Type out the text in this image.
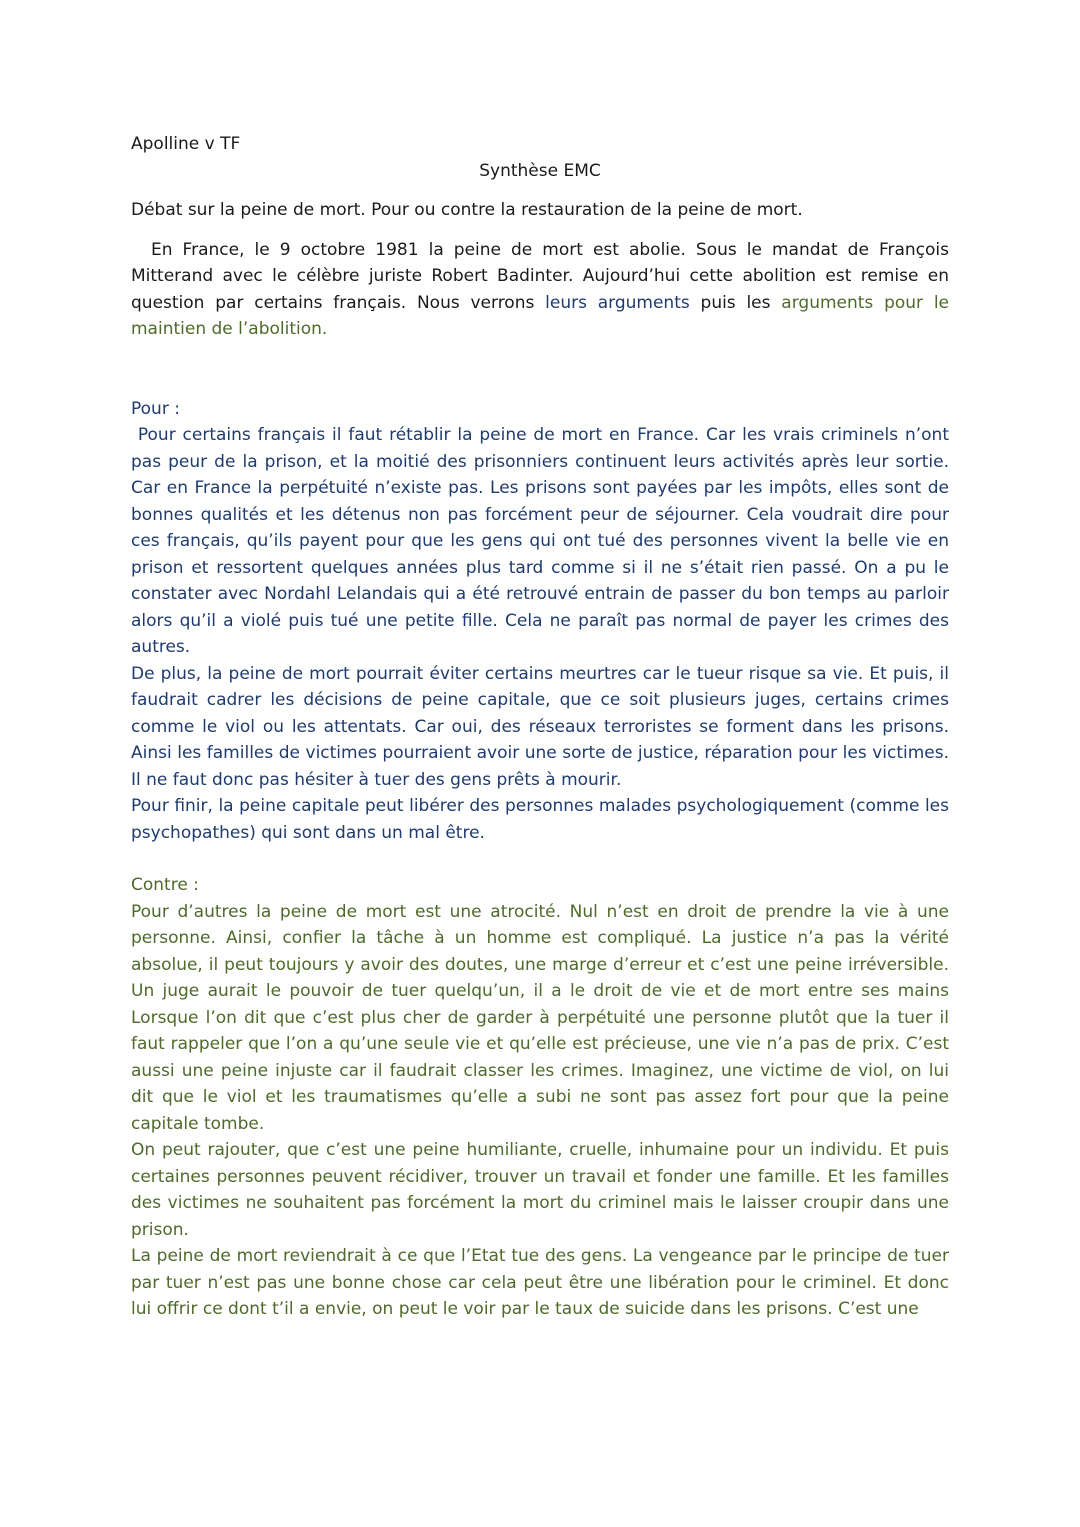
Apolline v TF

Synthèse EMC

Débat sur la peine de mort. Pour ou contre la restauration de la peine de mort.

En France, le 9 octobre 1981 la peine de mort est abolie. Sous le mandat de François Mitterand avec le célèbre juriste Robert Badinter. Aujourd’hui cette abolition est remise en question par certains français. Nous verrons leurs arguments puis les arguments pour le maintien de l’abolition.

Pour :

Pour certains français il faut rétablir la peine de mort en France. Car les vrais criminels n’ont pas peur de la prison, et la moitié des prisonniers continuent leurs activités après leur sortie. Car en France la perpétuité n’existe pas. Les prisons sont payées par les impôts, elles sont de bonnes qualités et les détenus non pas forcément peur de séjourner. Cela voudrait dire pour ces français, qu’ils payent pour que les gens qui ont tué des personnes vivent la belle vie en prison et ressortent quelques années plus tard comme si il ne s’était rien passé. On a pu le constater avec Nordahl Lelandais qui a été retrouvé entrain de passer du bon temps au parloir alors qu’il a violé puis tué une petite fille. Cela ne paraît pas normal de payer les crimes des autres.

De plus, la peine de mort pourrait éviter certains meurtres car le tueur risque sa vie. Et puis, il faudrait cadrer les décisions de peine capitale, que ce soit plusieurs juges, certains crimes comme le viol ou les attentats. Car oui, des réseaux terroristes se forment dans les prisons. Ainsi les familles de victimes pourraient avoir une sorte de justice, réparation pour les victimes. Il ne faut donc pas hésiter à tuer des gens prêts à mourir.

Pour finir, la peine capitale peut libérer des personnes malades psychologiquement (comme les psychopathes) qui sont dans un mal être.

Contre :

Pour d’autres la peine de mort est une atrocité. Nul n’est en droit de prendre la vie à une personne. Ainsi, confier la tâche à un homme est compliqué. La justice n’a pas la vérité absolue, il peut toujours y avoir des doutes, une marge d’erreur et c’est une peine irréversible. Un juge aurait le pouvoir de tuer quelqu’un, il a le droit de vie et de mort entre ses mains Lorsque l’on dit que c’est plus cher de garder à perpétuité une personne plutôt que la tuer il faut rappeler que l’on a qu’une seule vie et qu’elle est précieuse, une vie n’a pas de prix. C’est aussi une peine injuste car il faudrait classer les crimes. Imaginez, une victime de viol, on lui dit que le viol et les traumatismes qu’elle a subi ne sont pas assez fort pour que la peine capitale tombe.

On peut rajouter, que c’est une peine humiliante, cruelle, inhumaine pour un individu. Et puis certaines personnes peuvent récidiver, trouver un travail et fonder une famille. Et les familles des victimes ne souhaitent pas forcément la mort du criminel mais le laisser croupir dans une prison.

La peine de mort reviendrait à ce que l’Etat tue des gens. La vengeance par le principe de tuer par tuer n’est pas une bonne chose car cela peut être une libération pour le criminel. Et donc lui offrir ce dont t’il a envie, on peut le voir par le taux de suicide dans les prisons. C’est une
